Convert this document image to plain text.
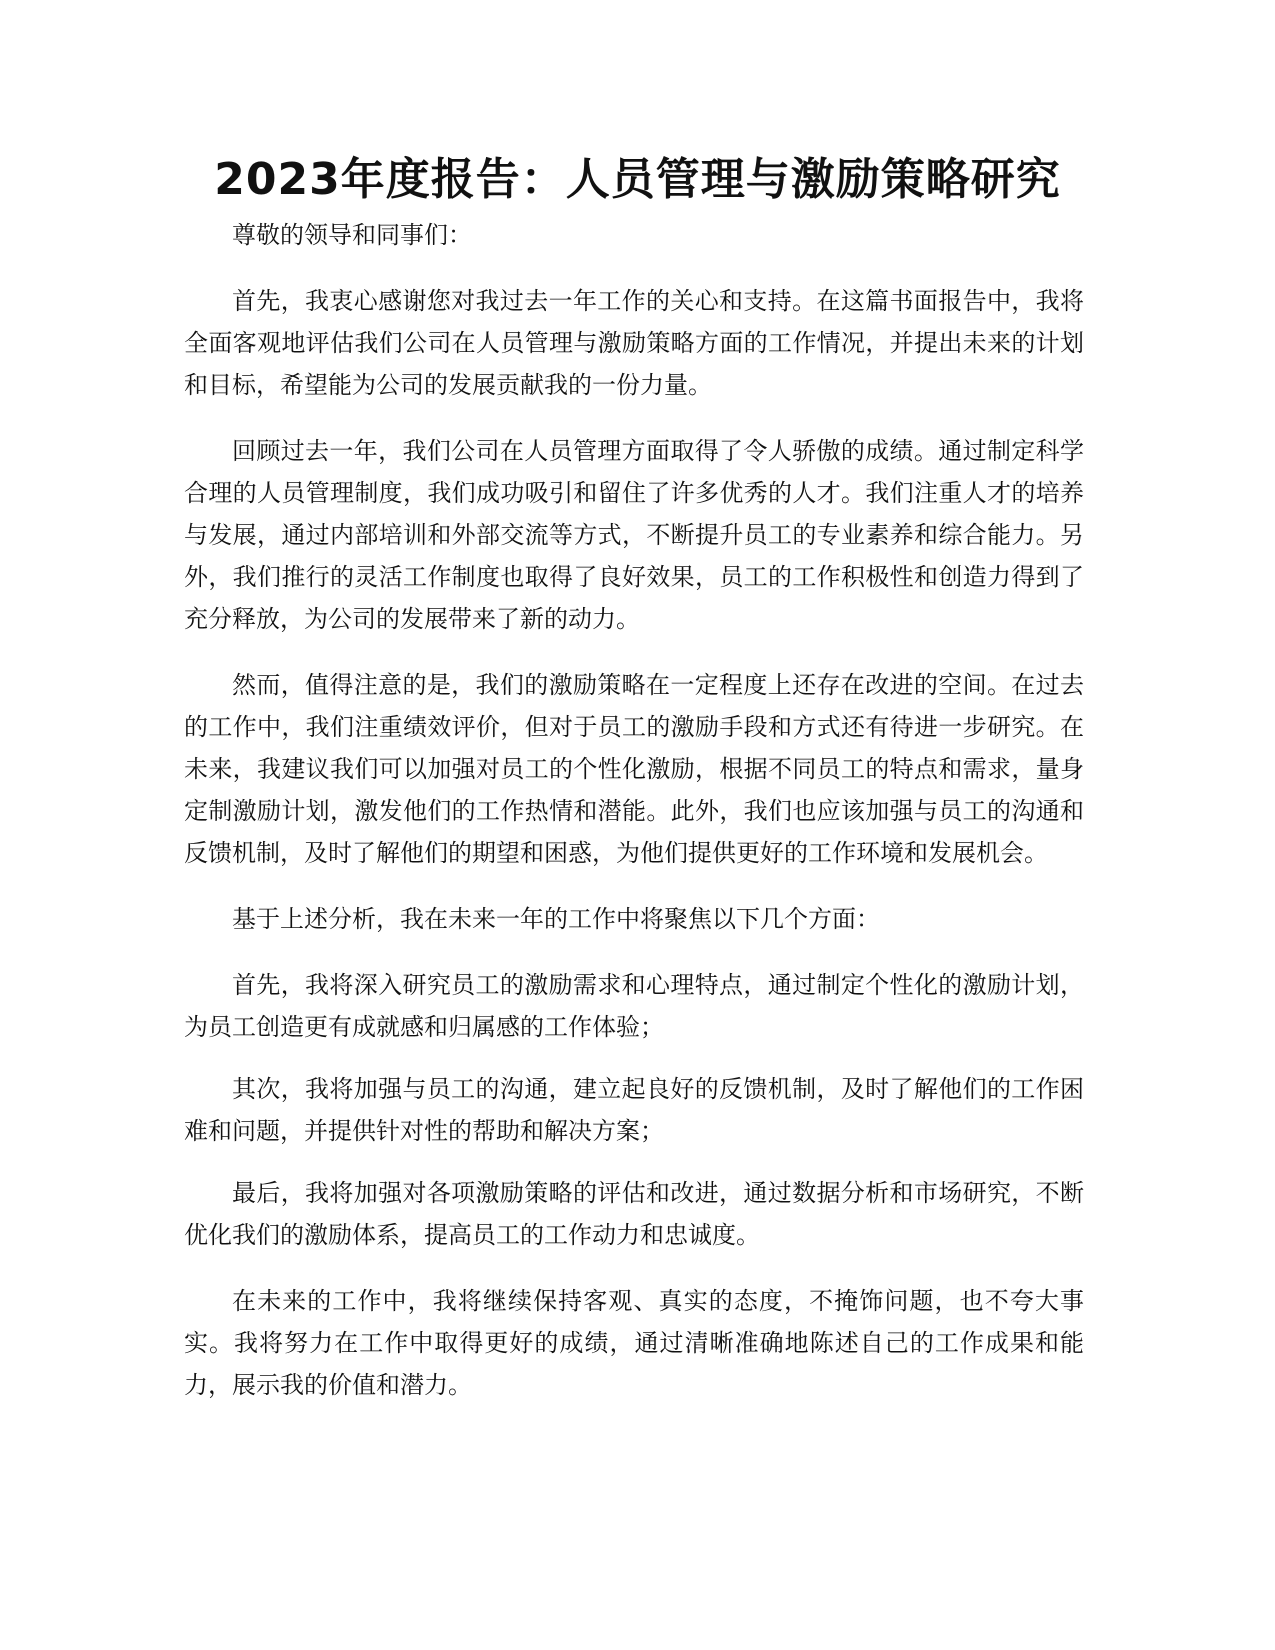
2023年度报告：人员管理与激励策略研究

尊敬的领导和同事们：

首先，我衷心感谢您对我过去一年工作的关心和支持。在这篇书面报告中，我将全面客观地评估我们公司在人员管理与激励策略方面的工作情况，并提出未来的计划和目标，希望能为公司的发展贡献我的一份力量。

回顾过去一年，我们公司在人员管理方面取得了令人骄傲的成绩。通过制定科学合理的人员管理制度，我们成功吸引和留住了许多优秀的人才。我们注重人才的培养与发展，通过内部培训和外部交流等方式，不断提升员工的专业素养和综合能力。另外，我们推行的灵活工作制度也取得了良好效果，员工的工作积极性和创造力得到了充分释放，为公司的发展带来了新的动力。

然而，值得注意的是，我们的激励策略在一定程度上还存在改进的空间。在过去的工作中，我们注重绩效评价，但对于员工的激励手段和方式还有待进一步研究。在未来，我建议我们可以加强对员工的个性化激励，根据不同员工的特点和需求，量身定制激励计划，激发他们的工作热情和潜能。此外，我们也应该加强与员工的沟通和反馈机制，及时了解他们的期望和困惑，为他们提供更好的工作环境和发展机会。

基于上述分析，我在未来一年的工作中将聚焦以下几个方面：

首先，我将深入研究员工的激励需求和心理特点，通过制定个性化的激励计划，为员工创造更有成就感和归属感的工作体验；

其次，我将加强与员工的沟通，建立起良好的反馈机制，及时了解他们的工作困难和问题，并提供针对性的帮助和解决方案；

最后，我将加强对各项激励策略的评估和改进，通过数据分析和市场研究，不断优化我们的激励体系，提高员工的工作动力和忠诚度。

在未来的工作中，我将继续保持客观、真实的态度，不掩饰问题，也不夸大事实。我将努力在工作中取得更好的成绩，通过清晰准确地陈述自己的工作成果和能力，展示我的价值和潜力。
